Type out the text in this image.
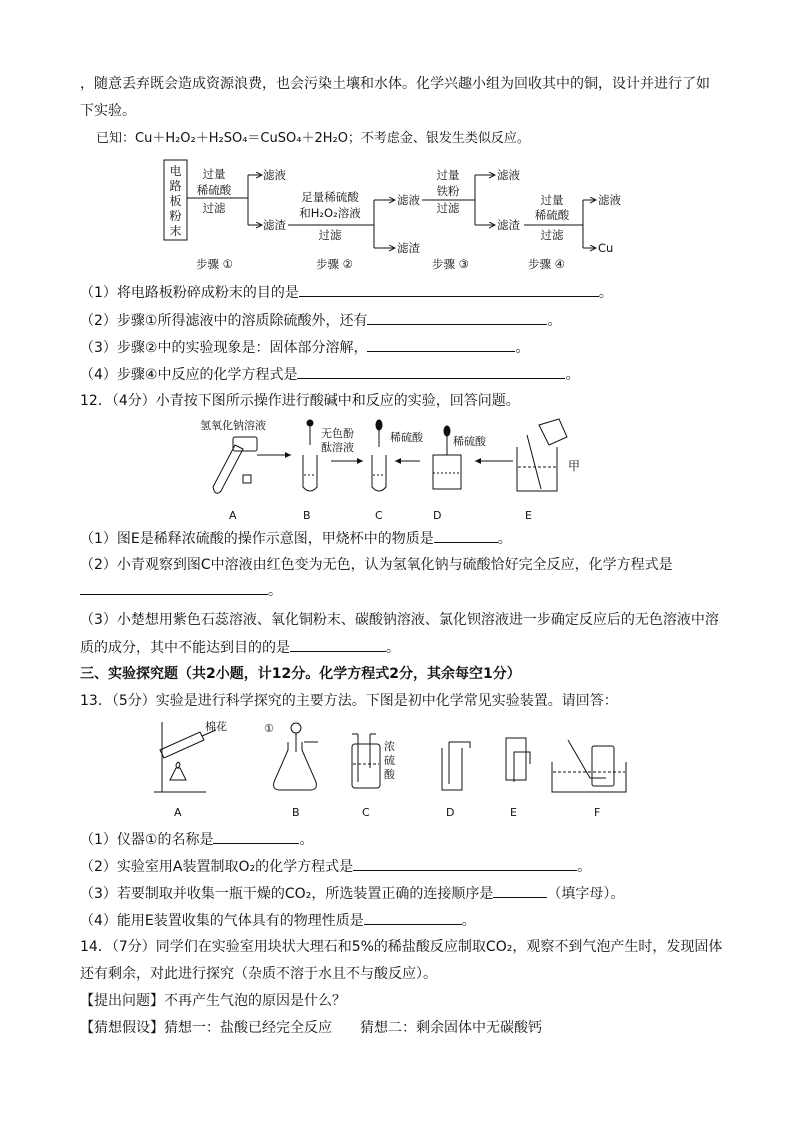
，随意丢弃既会造成资源浪费，也会污染土壤和水体。化学兴趣小组为回收其中的铜，设计并进行了如
下实验。
已知：Cu＋H₂O₂＋H₂SO₄＝CuSO₄＋2H₂O；不考虑金、银发生类似反应。
电
路
板
粉
末
过量
稀硫酸
过滤
滤液
滤渣
足量稀硫酸
和H₂O₂溶液
过滤
滤液
滤渣
过量
铁粉
过滤
滤液
滤渣
过量
稀硫酸
过滤
滤液
Cu
步骤 ①	步骤 ②	步骤 ③	步骤 ④
（1）将电路板粉碎成粉末的目的是	。
（2）步骤①所得滤液中的溶质除硫酸外，还有	。
（3）步骤②中的实验现象是：固体部分溶解，	。
（4）步骤④中反应的化学方程式是	。
12．（4分）小青按下图所示操作进行酸碱中和反应的实验，回答问题。
氢氧化钠溶液
无色酚
酞溶液
稀硫酸	稀硫酸
甲
A	B	C	D	E
（1）图E是稀释浓硫酸的操作示意图，甲烧杯中的物质是	。
（2）小青观察到图C中溶液由红色变为无色，认为氢氧化钠与硫酸恰好完全反应，化学方程式是
。
（3）小楚想用紫色石蕊溶液、氧化铜粉末、碳酸钠溶液、氯化钡溶液进一步确定反应后的无色溶液中溶
质的成分，其中不能达到目的的是	。
三、实验探究题（共2小题，计12分。化学方程式2分，其余每空1分）
13．（5分）实验是进行科学探究的主要方法。下图是初中化学常见实验装置。请回答：
棉花	①
浓
硫
酸
A	B	C	D	E	F
（1）仪器①的名称是	。
（2）实验室用A装置制取O₂的化学方程式是	。
（3）若要制取并收集一瓶干燥的CO₂，所选装置正确的连接顺序是	（填字母）。
（4）能用E装置收集的气体具有的物理性质是	。
14．（7分）同学们在实验室用块状大理石和5%的稀盐酸反应制取CO₂，观察不到气泡产生时，发现固体
还有剩余，对此进行探究（杂质不溶于水且不与酸反应）。
【提出问题】不再产生气泡的原因是什么？
【猜想假设】猜想一：盐酸已经完全反应 猜想二：剩余固体中无碳酸钙
